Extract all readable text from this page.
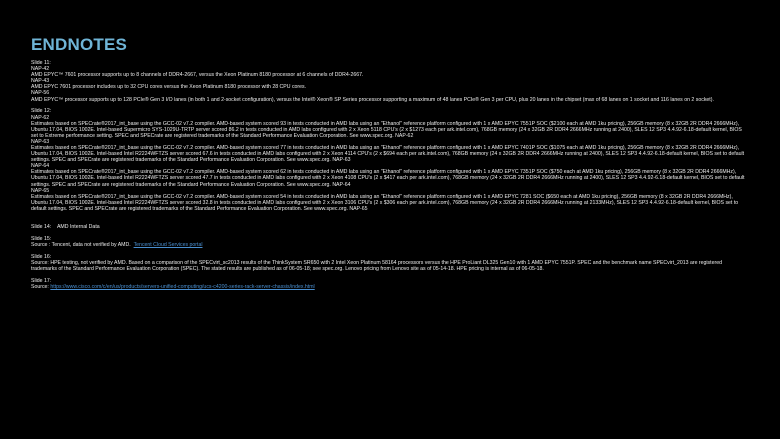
ENDNOTES
Slide 11:
NAP-42
AMD EPYC™ 7601 processor supports up to 8 channels of DDR4-2667, versus the Xeon Platinum 8180 processor at 6 channels of DDR4-2667.
NAP-43
AMD EPYC 7601 processor includes up to 32 CPU cores versus the Xeon Platinum 8180 processor with 28 CPU cores.
NAP-56
AMD EPYC™ processor supports up to 128 PCIe® Gen 3 I/O lanes (in both 1 and 2-socket configuration), versus the Intel® Xeon® SP Series processor supporting a maximum of 48 lanes PCIe® Gen 3 per CPU, plus 20 lanes in the chipset (max of 68 lanes on 1 socket and 116 lanes on 2 socket).
Slide 12:
NAP-62
Estimates based on SPECrate®2017_int_base using the GCC-02 v7.2 compiler. AMD-based system scored 93 in tests conducted in AMD labs using an "Ethanol" reference platform configured with 1 x AMD EPYC 7551P SOC ($2100 each at AMD 1ku pricing), 256GB memory (8 x 32GB 2R DDR4 2666MHz), Ubuntu 17.04, BIOS 1002E. Intel-based Supermicro SYS-1029U-TRTP server scored 86.2 in tests conducted in AMD labs configured with 2 x Xeon 5118 CPU's (2 x $1273 each per ark.intel.com), 768GB memory (24 x 32GB 2R DDR4 2666MHz running at 2400), SLES 12 SP3 4.4.92-6.18-default kernel, BIOS set to Extreme performance setting. SPEC and SPECrate are registered trademarks of the Standard Performance Evaluation Corporation. See www.spec.org. NAP-62
NAP-63
Estimates based on SPECrate®2017_int_base using the GCC-02 v7.2 compiler. AMD-based system scored 77 in tests conducted in AMD labs using an "Ethanol" reference platform configured with 1 x AMD EPYC 7401P SOC ($1075 each at AMD 1ku pricing), 256GB memory (8 x 32GB 2R DDR4 2666MHz), Ubuntu 17.04, BIOS 1002E. Intel-based Intel R2224WFTZS server scored 67.6 in tests conducted in AMD labs configured with 2 x Xeon 4114 CPU's (2 x $694 each per ark.intel.com), 768GB memory (24 x 32GB 2R DDR4 2666MHz running at 2400), SLES 12 SP3 4.4.92-6.18-default kernel, BIOS set to default settings. SPEC and SPECrate are registered trademarks of the Standard Performance Evaluation Corporation. See www.spec.org. NAP-63
NAP-64
Estimates based on SPECrate®2017_int_base using the GCC-02 v7.2 compiler. AMD-based system scored 62 in tests conducted in AMD labs using an "Ethanol" reference platform configured with 1 x AMD EPYC 7351P SOC ($750 each at AMD 1ku pricing), 256GB memory (8 x 32GB 2R DDR4 2666MHz), Ubuntu 17.04, BIOS 1002E. Intel-based Intel R2224WFTZS server scored 47.7 in tests conducted in AMD labs configured with 2 x Xeon 4108 CPU's (2 x $417 each per ark.intel.com), 768GB memory (24 x 32GB 2R DDR4 2666MHz running at 2400), SLES 12 SP3 4.4.92-6.18-default kernel, BIOS set to default settings. SPEC and SPECrate are registered trademarks of the Standard Performance Evaluation Corporation. See www.spec.org. NAP-64
NAP-65
Estimates based on SPECrate®2017_int_base using the GCC-02 v7.2 compiler. AMD-based system scored 54 in tests conducted in AMD labs using an "Ethanol" reference platform configured with 1 x AMD EPYC 7281 SOC ($650 each at AMD 1ku pricing), 256GB memory (8 x 32GB 2R DDR4 2666MHz), Ubuntu 17.04, BIOS 1002E. Intel-based Intel R2224WFTZS server scored 32.8 in tests conducted in AMD labs configured with 2 x Xeon 3106 CPU's (2 x $306 each per ark.intel.com), 768GB memory (24 x 32GB 2R DDR4 2666MHz running at 2133MHz), SLES 12 SP3 4.4.92-6.18-default kernel, BIOS set to default settings. SPEC and SPECrate are registered trademarks of the Standard Performance Evaluation Corporation. See www.spec.org. NAP-65
Slide 14: AMD Internal Data
Slide 15:
Source : Tencent, data not verified by AMD. Tencent Cloud Services portal
Slide 16:
Source: HPE testing, not verified by AMD. Based on a comparison of the SPECvirt_sc2013 results of the ThinkSystem SR650 with 2 Intel Xeon Platinum 58164 processors versus the HPE ProLiant DL325 Gen10 with 1 AMD EPYC 7551P. SPEC and the benchmark name SPECvirt_2013 are registered trademarks of the Standard Performance Evaluation Corporation (SPEC). The stated results are published as of 06-05-18; see spec.org. Lenovo pricing from Lenovo site as of 05-14-18. HPE pricing is internal as of 06-05-18.
Slide 17:
Source: https://www.cisco.com/c/en/us/products/servers-unified-computing/ucs-c4200-series-rack-server-chassis/index.html
